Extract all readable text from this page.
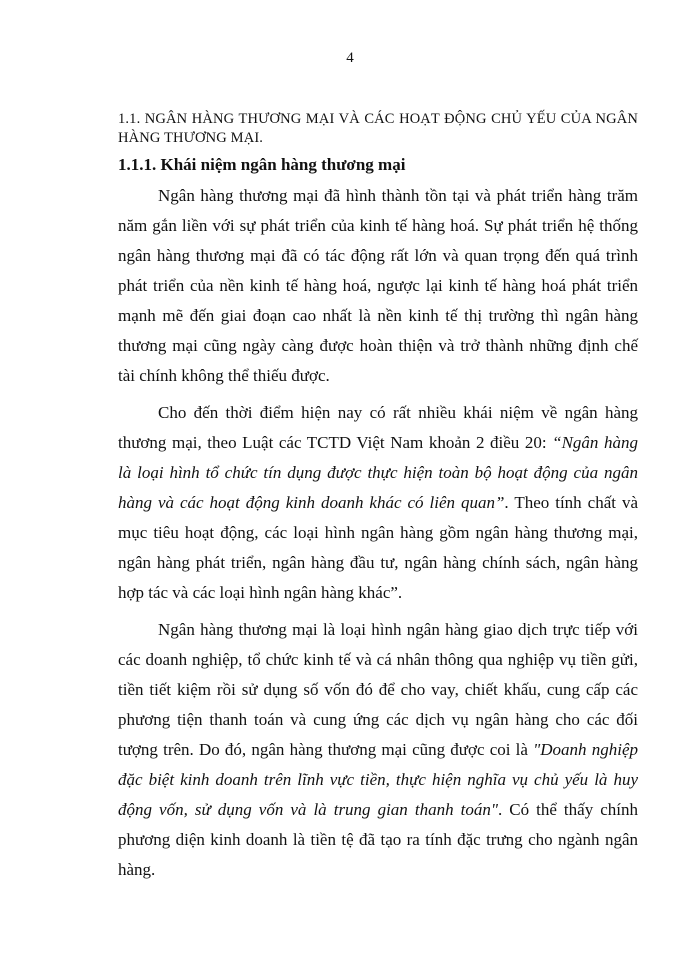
4

1.1. NGÂN HÀNG THƯƠNG MẠI VÀ CÁC HOẠT ĐỘNG CHỦ YẾU CỦA NGÂN HÀNG THƯƠNG MẠI.

1.1.1. Khái niệm ngân hàng thương mại

Ngân hàng thương mại đã hình thành tồn tại và phát triển hàng trăm năm gắn liền với sự phát triển của kinh tế hàng hoá. Sự phát triển hệ thống ngân hàng thương mại đã có tác động rất lớn và quan trọng đến quá trình phát triển của nền kinh tế hàng hoá, ngược lại kinh tế hàng hoá phát triển mạnh mẽ đến giai đoạn cao nhất là nền kinh tế thị trường thì ngân hàng thương mại cũng ngày càng được hoàn thiện và trở thành những định chế tài chính không thể thiếu được.

Cho đến thời điểm hiện nay có rất nhiều khái niệm về ngân hàng thương mại, theo Luật các TCTD Việt Nam khoản 2 điều 20: “Ngân hàng là loại hình tổ chức tín dụng được thực hiện toàn bộ hoạt động của ngân hàng và các hoạt động kinh doanh khác có liên quan”. Theo tính chất và mục tiêu hoạt động, các loại hình ngân hàng gồm ngân hàng thương mại, ngân hàng phát triển, ngân hàng đầu tư, ngân hàng chính sách, ngân hàng hợp tác và các loại hình ngân hàng khác”.

Ngân hàng thương mại là loại hình ngân hàng giao dịch trực tiếp với các doanh nghiệp, tổ chức kinh tế và cá nhân thông qua nghiệp vụ tiền gửi, tiền tiết kiệm rồi sử dụng số vốn đó để cho vay, chiết khấu, cung cấp các phương tiện thanh toán và cung ứng các dịch vụ ngân hàng cho các đối tượng trên. Do đó, ngân hàng thương mại cũng được coi là "Doanh nghiệp đặc biệt kinh doanh trên lĩnh vực tiền, thực hiện nghĩa vụ chủ yếu là huy động vốn, sử dụng vốn và là trung gian thanh toán". Có thể thấy chính phương diện kinh doanh là tiền tệ đã tạo ra tính đặc trưng cho ngành ngân hàng.
